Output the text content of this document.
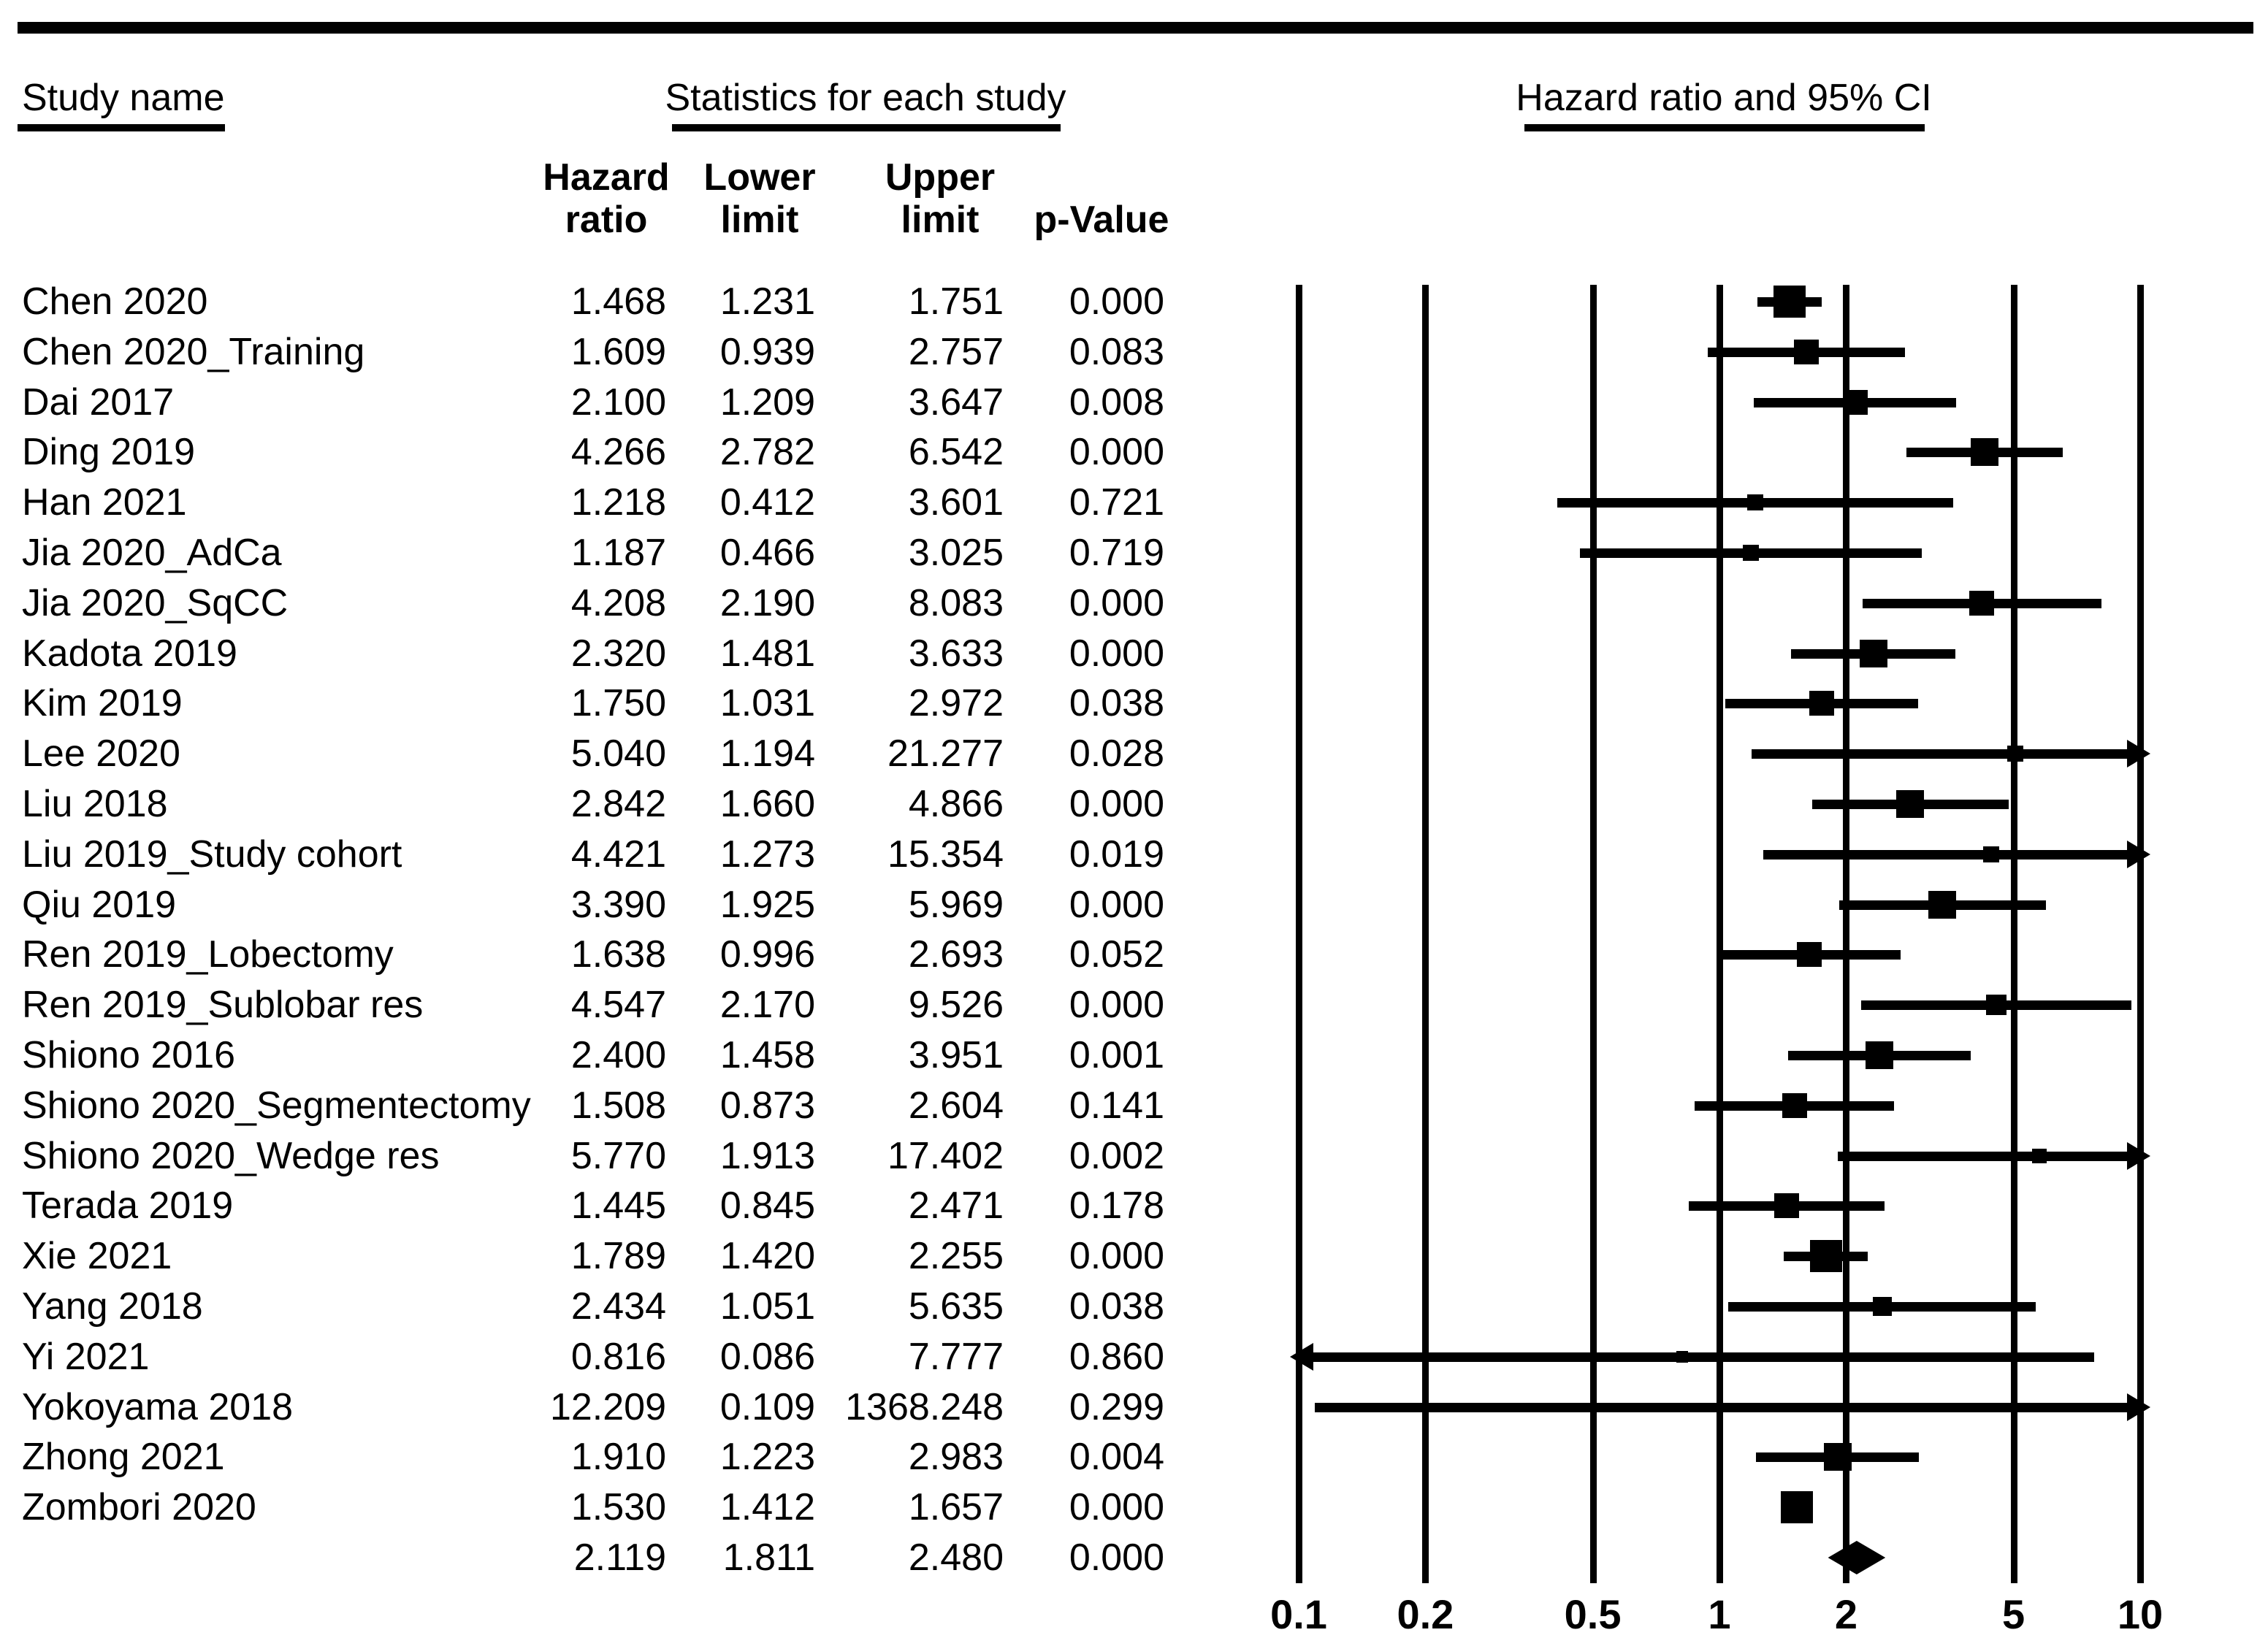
Study name	Statistics for each study	Hazard ratio and 95% CI
Hazard
ratio
Lower
limit
Upper
limit	p-Value
Chen 2020	1.468 1.231 1.751 0.000
Chen 2020_Training	1.609 0.939 2.757 0.083
Dai 2017	2.100 1.209 3.647 0.008
Ding 2019	4.266 2.782 6.542 0.000
Han 2021	1.218 0.412 3.601 0.721
Jia 2020_AdCa	1.187 0.466 3.025 0.719
Jia 2020_SqCC	4.208 2.190 8.083 0.000
Kadota 2019	2.320 1.481 3.633 0.000
Kim 2019	1.750 1.031 2.972 0.038
Lee 2020	5.040 1.194 21.277 0.028
Liu 2018	2.842 1.660 4.866 0.000
Liu 2019_Study cohort	4.421 1.273 15.354 0.019
Qiu 2019	3.390 1.925 5.969 0.000
Ren 2019_Lobectomy	1.638 0.996 2.693 0.052
Ren 2019_Sublobar res	4.547 2.170 9.526 0.000
Shiono 2016	2.400 1.458 3.951 0.001
Shiono 2020_Segmentectomy 1.508 0.873 2.604 0.141
Shiono 2020_Wedge res	5.770 1.913 17.402 0.002
Terada 2019	1.445 0.845 2.471 0.178
Xie 2021	1.789 1.420 2.255 0.000
Yang 2018	2.434 1.051 5.635 0.038
Yi 2021	0.816 0.086 7.777 0.860
Yokoyama 2018	12.209 0.109 1368.248 0.299
Zhong 2021	1.910 1.223 2.983 0.004
Zombori 2020	1.530 1.412 1.657 0.000
2.119 1.811 2.480 0.000
0.1 0.2	0.5 1	2	5 10
